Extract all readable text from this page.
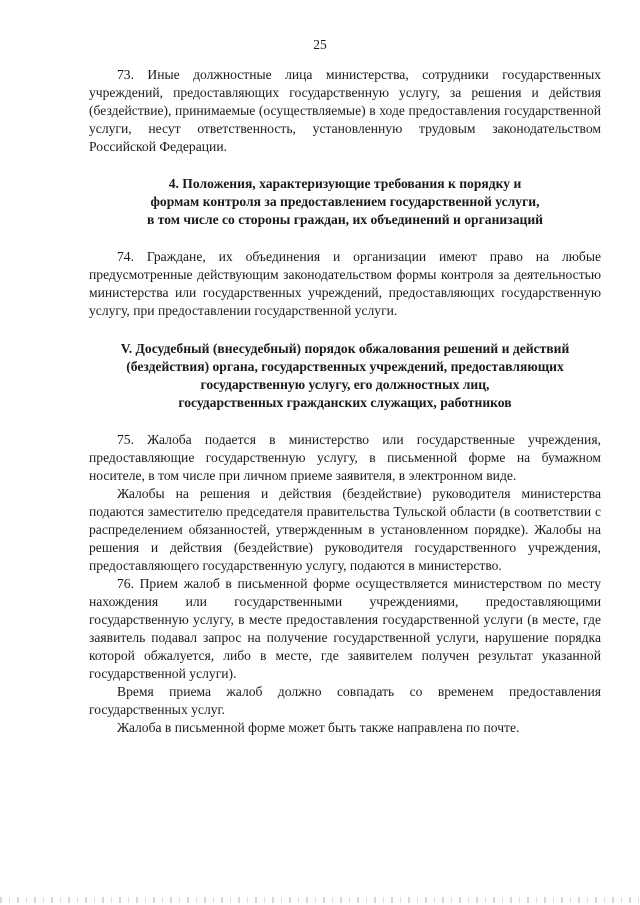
25

73. Иные должностные лица министерства, сотрудники государственных учреждений, предоставляющих государственную услугу, за решения и действия (бездействие), принимаемые (осуществляемые) в ходе предоставления государственной услуги, несут ответственность, установленную трудовым законодательством Российской Федерации.

4. Положения, характеризующие требования к порядку и
формам контроля за предоставлением государственной услуги,
в том числе со стороны граждан, их объединений и организаций

74. Граждане, их объединения и организации имеют право на любые предусмотренные действующим законодательством формы контроля за деятельностью министерства или государственных учреждений, предоставляющих государственную услугу, при предоставлении государственной услуги.

V. Досудебный (внесудебный) порядок обжалования решений и действий
(бездействия) органа, государственных учреждений, предоставляющих
государственную услугу, его должностных лиц,
государственных гражданских служащих, работников

75. Жалоба подается в министерство или государственные учреждения, предоставляющие государственную услугу, в письменной форме на бумажном носителе, в том числе при личном приеме заявителя, в электронном виде.

Жалобы на решения и действия (бездействие) руководителя министерства подаются заместителю председателя правительства Тульской области (в соответствии с распределением обязанностей, утвержденным в установленном порядке). Жалобы на решения и действия (бездействие) руководителя государственного учреждения, предоставляющего государственную услугу, подаются в министерство.

76. Прием жалоб в письменной форме осуществляется министерством по месту нахождения или государственными учреждениями, предоставляющими государственную услугу, в месте предоставления государственной услуги (в месте, где заявитель подавал запрос на получение государственной услуги, нарушение порядка которой обжалуется, либо в месте, где заявителем получен результат указанной государственной услуги).

Время приема жалоб должно совпадать со временем предоставления государственных услуг.

Жалоба в письменной форме может быть также направлена по почте.
